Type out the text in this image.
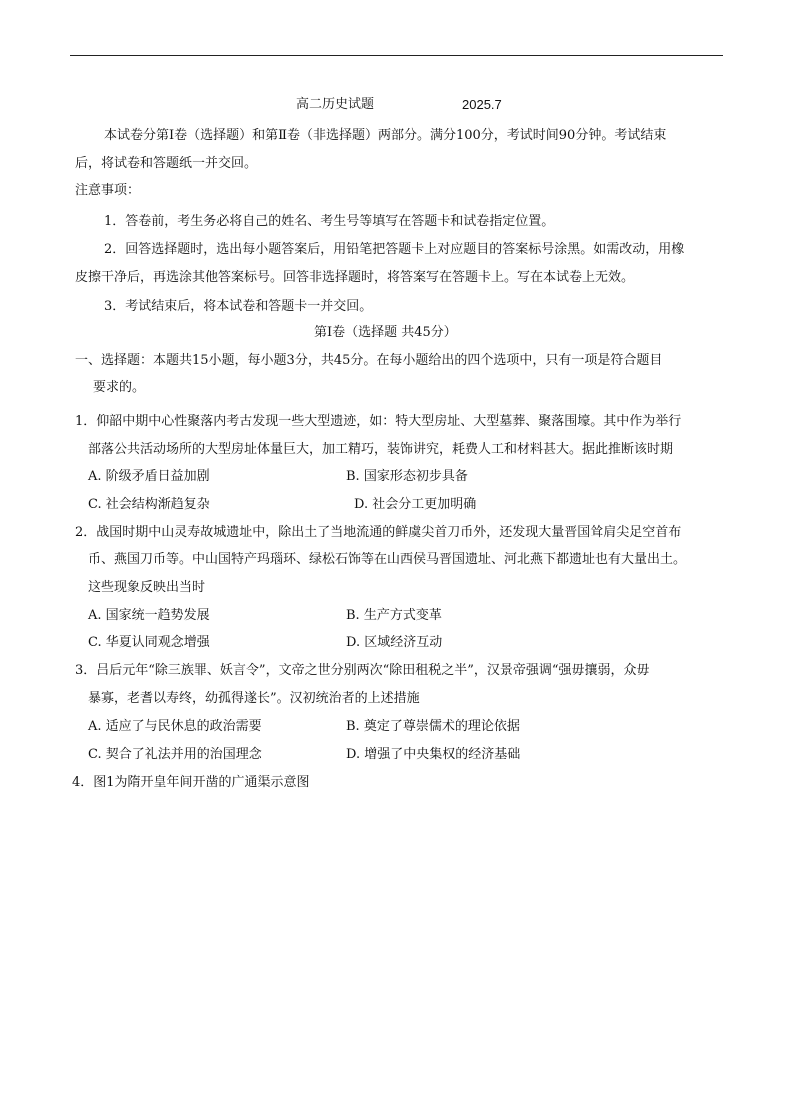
高二历史试题	2025.7
本试卷分第Ⅰ卷（选择题）和第Ⅱ卷（非选择题）两部分。满分100分，考试时间90分钟。考试结束
后，将试卷和答题纸一并交回。
注意事项：
1．答卷前，考生务必将自己的姓名、考生号等填写在答题卡和试卷指定位置。
2．回答选择题时，选出每小题答案后，用铅笔把答题卡上对应题目的答案标号涂黑。如需改动，用橡
皮擦干净后，再选涂其他答案标号。回答非选择题时，将答案写在答题卡上。写在本试卷上无效。
3．考试结束后，将本试卷和答题卡一并交回。
第Ⅰ卷（选择题 共45分）
一、选择题：本题共15小题，每小题3分，共45分。在每小题给出的四个选项中，只有一项是符合题目
要求的。
1．仰韶中期中心性聚落内考古发现一些大型遗迹，如：特大型房址、大型墓葬、聚落围壕。其中作为举行
部落公共活动场所的大型房址体量巨大，加工精巧，装饰讲究，耗费人工和材料甚大。据此推断该时期
A. 阶级矛盾日益加剧	B. 国家形态初步具备
C. 社会结构渐趋复杂	D. 社会分工更加明确
2．战国时期中山灵寿故城遗址中，除出土了当地流通的鲜虞尖首刀币外，还发现大量晋国耸肩尖足空首布
币、燕国刀币等。中山国特产玛瑙环、绿松石饰等在山西侯马晋国遗址、河北燕下都遗址也有大量出土。
这些现象反映出当时
A. 国家统一趋势发展	B. 生产方式变革
C. 华夏认同观念增强	D. 区域经济互动
3．吕后元年“除三族罪、妖言令”，文帝之世分别两次“除田租税之半”，汉景帝强调“强毋攘弱，众毋
暴寡，老耆以寿终，幼孤得遂长”。汉初统治者的上述措施
A. 适应了与民休息的政治需要	B. 奠定了尊崇儒术的理论依据
C. 契合了礼法并用的治国理念	D. 增强了中央集权的经济基础
4．图1为隋开皇年间开凿的广通渠示意图
